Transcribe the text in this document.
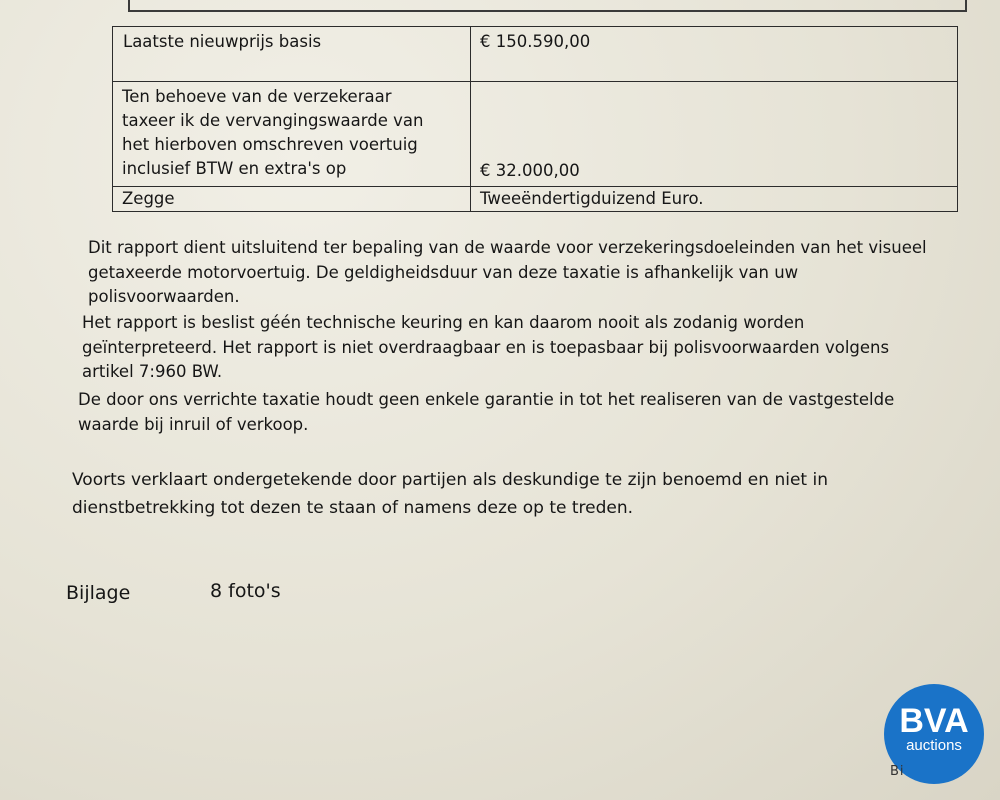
Laatste nieuwprijs basis	€ 150.590,00

Ten behoeve van de verzekeraar
taxeer ik de vervangingswaarde van
het hierboven omschreven voertuig
inclusief BTW en extra's op	€ 32.000,00
Zegge	Tweeëndertigduizend Euro.
Dit rapport dient uitsluitend ter bepaling van de waarde voor verzekeringsdoeleinden van het visueel
getaxeerde motorvoertuig. De geldigheidsduur van deze taxatie is afhankelijk van uw
polisvoorwaarden.
Het rapport is beslist géén technische keuring en kan daarom nooit als zodanig worden
geïnterpreteerd. Het rapport is niet overdraagbaar en is toepasbaar bij polisvoorwaarden volgens
artikel 7:960 BW.
De door ons verrichte taxatie houdt geen enkele garantie in tot het realiseren van de vastgestelde
waarde bij inruil of verkoop.
Voorts verklaart ondergetekende door partijen als deskundige te zijn benoemd en niet in
dienstbetrekking tot dezen te staan of namens deze op te treden.
Bijlage	8 foto's
BVA
auctions
Bi
